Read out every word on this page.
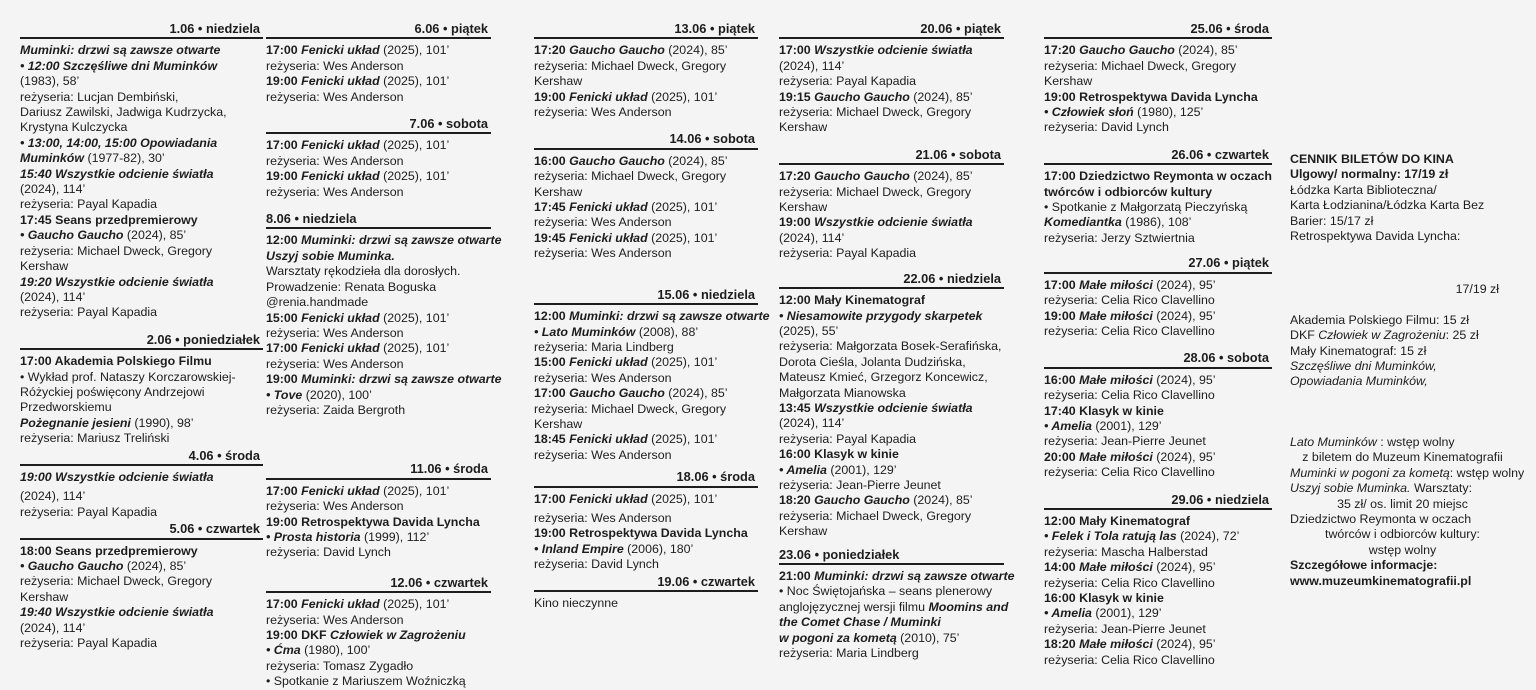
1.06 • niedziela
Muminki: drzwi są zawsze otwarte
• 12:00 Szczęśliwe dni Muminków
(1983), 58’
reżyseria: Lucjan Dembiński,
Dariusz Zawilski, Jadwiga Kudrzycka,
Krystyna Kulczycka
• 13:00, 14:00, 15:00 Opowiadania
Muminków (1977-82), 30’
15:40 Wszystkie odcienie światła
(2024), 114’
reżyseria: Payal Kapadia
17:45 Seans przedpremierowy
• Gaucho Gaucho (2024), 85’
reżyseria: Michael Dweck, Gregory
Kershaw
19:20 Wszystkie odcienie światła
(2024), 114’
reżyseria: Payal Kapadia
2.06 • poniedziałek
17:00 Akademia Polskiego Filmu
• Wykład prof. Nataszy Korczarowskiej-
Różyckiej poświęcony Andrzejowi
Przedworskiemu
Pożegnanie jesieni (1990), 98’
reżyseria: Mariusz Treliński
4.06 • środa
19:00 Wszystkie odcienie światła
(2024), 114’
reżyseria: Payal Kapadia
5.06 • czwartek
18:00 Seans przedpremierowy
• Gaucho Gaucho (2024), 85’
reżyseria: Michael Dweck, Gregory
Kershaw
19:40 Wszystkie odcienie światła
(2024), 114’
reżyseria: Payal Kapadia
6.06 • piątek
17:00 Fenicki układ (2025), 101’
reżyseria: Wes Anderson
19:00 Fenicki układ (2025), 101’
reżyseria: Wes Anderson
7.06 • sobota
17:00 Fenicki układ (2025), 101’
reżyseria: Wes Anderson
19:00 Fenicki układ (2025), 101’
reżyseria: Wes Anderson
8.06 • niedziela
12:00 Muminki: drzwi są zawsze otwarte
Uszyj sobie Muminka.
Warsztaty rękodzieła dla dorosłych.
Prowadzenie: Renata Boguska
@renia.handmade
15:00 Fenicki układ (2025), 101’
reżyseria: Wes Anderson
17:00 Fenicki układ (2025), 101’
reżyseria: Wes Anderson
19:00 Muminki: drzwi są zawsze otwarte
• Tove (2020), 100’
reżyseria: Zaida Bergroth
11.06 • środa
17:00 Fenicki układ (2025), 101’
reżyseria: Wes Anderson
19:00 Retrospektywa Davida Lyncha
• Prosta historia (1999), 112’
reżyseria: David Lynch
12.06 • czwartek
17:00 Fenicki układ (2025), 101’
reżyseria: Wes Anderson
19:00 DKF Człowiek w Zagrożeniu
• Ćma (1980), 100’
reżyseria: Tomasz Zygadło
• Spotkanie z Mariuszem Woźniczką
13.06 • piątek
17:20 Gaucho Gaucho (2024), 85’
reżyseria: Michael Dweck, Gregory
Kershaw
19:00 Fenicki układ (2025), 101’
reżyseria: Wes Anderson
14.06 • sobota
16:00 Gaucho Gaucho (2024), 85’
reżyseria: Michael Dweck, Gregory
Kershaw
17:45 Fenicki układ (2025), 101’
reżyseria: Wes Anderson
19:45 Fenicki układ (2025), 101’
reżyseria: Wes Anderson
15.06 • niedziela
12:00 Muminki: drzwi są zawsze otwarte
• Lato Muminków (2008), 88’
reżyseria: Maria Lindberg
15:00 Fenicki układ (2025), 101’
reżyseria: Wes Anderson
17:00 Gaucho Gaucho (2024), 85’
reżyseria: Michael Dweck, Gregory
Kershaw
18:45 Fenicki układ (2025), 101’
reżyseria: Wes Anderson
18.06 • środa
17:00 Fenicki układ (2025), 101’
reżyseria: Wes Anderson
19:00 Retrospektywa Davida Lyncha
• Inland Empire (2006), 180’
reżyseria: David Lynch
19.06 • czwartek
Kino nieczynne
20.06 • piątek
17:00 Wszystkie odcienie światła
(2024), 114’
reżyseria: Payal Kapadia
19:15 Gaucho Gaucho (2024), 85’
reżyseria: Michael Dweck, Gregory
Kershaw
21.06 • sobota
17:20 Gaucho Gaucho (2024), 85’
reżyseria: Michael Dweck, Gregory
Kershaw
19:00 Wszystkie odcienie światła
(2024), 114’
reżyseria: Payal Kapadia
22.06 • niedziela
12:00 Mały Kinematograf
• Niesamowite przygody skarpetek
(2025), 55’
reżyseria: Małgorzata Bosek-Serafińska,
Dorota Cieśla, Jolanta Dudzińska,
Mateusz Kmieć, Grzegorz Koncewicz,
Małgorzata Mianowska
13:45 Wszystkie odcienie światła
(2024), 114’
reżyseria: Payal Kapadia
16:00 Klasyk w kinie
• Amelia (2001), 129’
reżyseria: Jean-Pierre Jeunet
18:20 Gaucho Gaucho (2024), 85’
reżyseria: Michael Dweck, Gregory
Kershaw
23.06 • poniedziałek
21:00 Muminki: drzwi są zawsze otwarte
• Noc Świętojańska – seans plenerowy
anglojęzycznej wersji filmu Moomins and
the Comet Chase / Muminki
w pogoni za kometą (2010), 75’
reżyseria: Maria Lindberg
25.06 • środa
17:20 Gaucho Gaucho (2024), 85’
reżyseria: Michael Dweck, Gregory
Kershaw
19:00 Retrospektywa Davida Lyncha
• Człowiek słoń (1980), 125’
reżyseria: David Lynch
26.06 • czwartek
17:00 Dziedzictwo Reymonta w oczach
twórców i odbiorców kultury
• Spotkanie z Małgorzatą Pieczyńską
Komediantka (1986), 108’
reżyseria: Jerzy Sztwiertnia
27.06 • piątek
17:00 Małe miłości (2024), 95’
reżyseria: Celia Rico Clavellino
19:00 Małe miłości (2024), 95’
reżyseria: Celia Rico Clavellino
28.06 • sobota
16:00 Małe miłości (2024), 95’
reżyseria: Celia Rico Clavellino
17:40 Klasyk w kinie
• Amelia (2001), 129’
reżyseria: Jean-Pierre Jeunet
20:00 Małe miłości (2024), 95’
reżyseria: Celia Rico Clavellino
29.06 • niedziela
12:00 Mały Kinematograf
• Felek i Tola ratują las (2024), 72’
reżyseria: Mascha Halberstad
14:00 Małe miłości (2024), 95’
reżyseria: Celia Rico Clavellino
16:00 Klasyk w kinie
• Amelia (2001), 129’
reżyseria: Jean-Pierre Jeunet
18:20 Małe miłości (2024), 95’
reżyseria: Celia Rico Clavellino
CENNIK BILETÓW DO KINA
Ulgowy/ normalny: 17/19 zł
Łódzka Karta Biblioteczna/
Karta Łodzianina/Łódzka Karta Bez
Barier: 15/17 zł
Retrospektywa Davida Lyncha:
17/19 zł
Akademia Polskiego Filmu: 15 zł
DKF Człowiek w Zagrożeniu: 25 zł
Mały Kinematograf: 15 zł
Szczęśliwe dni Muminków,
Opowiadania Muminków,
Lato Muminków : wstęp wolny
z biletem do Muzeum Kinematografii
Muminki w pogoni za kometą: wstęp wolny
Uszyj sobie Muminka. Warsztaty:
35 zł/ os. limit 20 miejsc
Dziedzictwo Reymonta w oczach
twórców i odbiorców kultury:
wstęp wolny
Szczegółowe informacje:
www.muzeumkinematografii.pl
